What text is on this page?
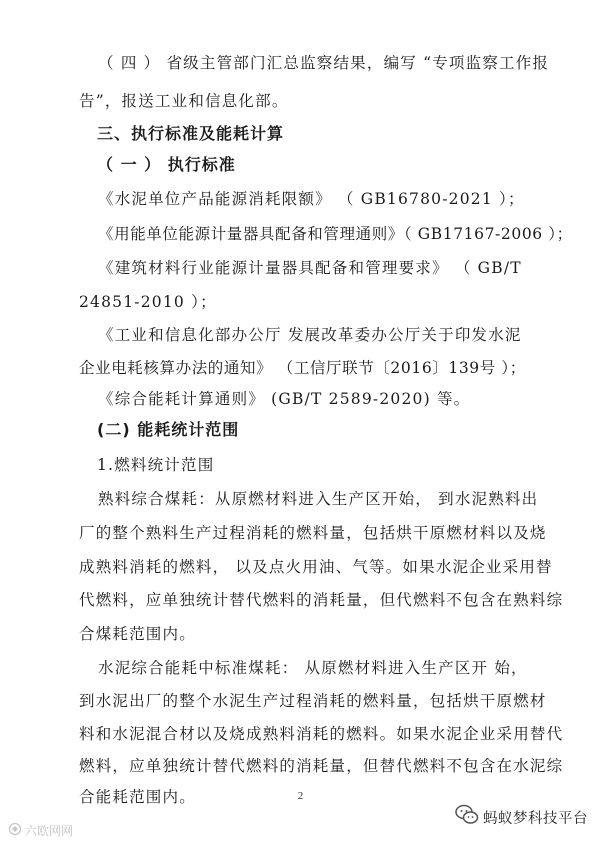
（ 四 ） 省级主管部门汇总监察结果，编写 “专项监察工作报
告”，报送工业和信息化部。
三、执行标准及能耗计算
（ 一 ） 执行标准
《水泥单位产品能源消耗限额》 （ GB16780-2021 ）；
《用能单位能源计量器具配备和管理通则》（ GB17167-2006 ）；
《建筑材料行业能源计量器具配备和管理要求》 （ GB/T
24851-2010 ）；
《工业和信息化部办公厅 发展改革委办公厅关于印发水泥
企业电耗核算办法的通知》 （工信厅联节〔2016〕139号 ）；
《综合能耗计算通则》 (GB/T 2589-2020) 等。
(二) 能耗统计范围
1.燃料统计范围
熟料综合煤耗：从原燃材料进入生产区开始， 到水泥熟料出
厂的整个熟料生产过程消耗的燃料量，包括烘干原燃材料以及烧
成熟料消耗的燃料， 以及点火用油、气等。如果水泥企业采用替
代燃料，应单独统计替代燃料的消耗量，但代燃料不包含在熟料综
合煤耗范围内。
水泥综合能耗中标准煤耗： 从原燃材料进入生产区开 始，
到水泥出厂的整个水泥生产过程消耗的燃料量，包括烘干原燃材
料和水泥混合材以及烧成熟料消耗的燃料。如果水泥企业采用替代
燃料，应单独统计替代燃料的消耗量，但替代燃料不包含在水泥综
合能耗范围内。	2
蚂蚁梦科技平台
六欧网网
